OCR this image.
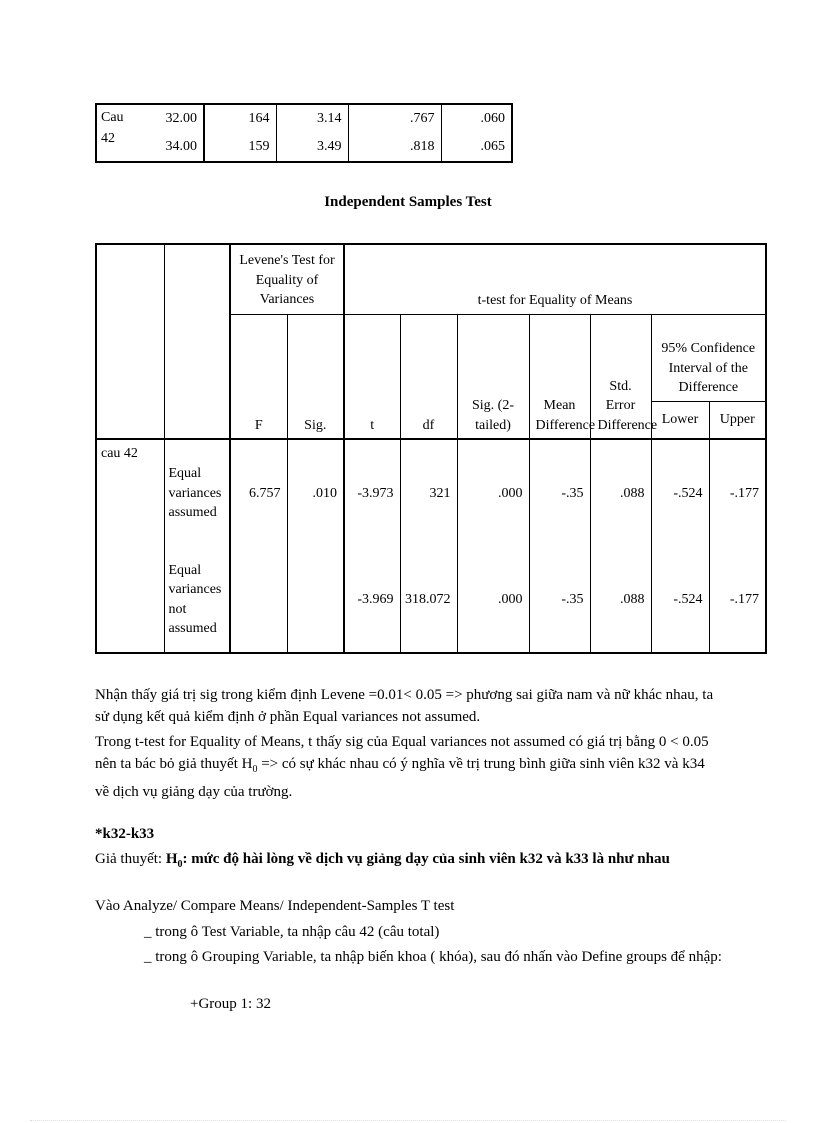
Cau
42	32.00	164	3.14	.767	.060
	34.00	159	3.49	.818	.065
Independent Samples Test
		Levene's Test for Equality of Variances		t-test for Equality of Means						
		F	Sig.	t	df	Sig. (2-tailed)	Mean Difference	Std. Error Difference	95% Confidence Interval of the Difference	
									Lower	Upper
cau 42	Equal variances assumed	6.757	.010	-3.973	321	.000	-.35	.088	-.524	-.177
	Equal variances not assumed			-3.969	318.072	.000	-.35	.088	-.524	-.177
Nhận thấy giá trị sig trong kiểm định Levene =0.01< 0.05 => phương sai giữa nam và nữ khác nhau, ta sử dụng kết quả kiểm định ở phần Equal variances not assumed.
Trong t-test for Equality of Means, t thấy sig của Equal variances not assumed có giá trị bằng 0 < 0.05 nên ta bác bỏ giả thuyết $H_0$ => có sự khác nhau có ý nghĩa về trị trung bình giữa sinh viên k32 và k34 về dịch vụ giảng dạy của trường.
*k32-k33
Giả thuyết: $H_0$: mức độ hài lòng về dịch vụ giảng dạy của sinh viên k32 và k33 là như nhau
Vào Analyze/ Compare Means/ Independent-Samples T test
_ trong ô Test Variable, ta nhập câu 42 (câu total)
_ trong ô Grouping Variable, ta nhập biến khoa ( khóa), sau đó nhấn vào Define groups để nhập:
+Group 1: 32
